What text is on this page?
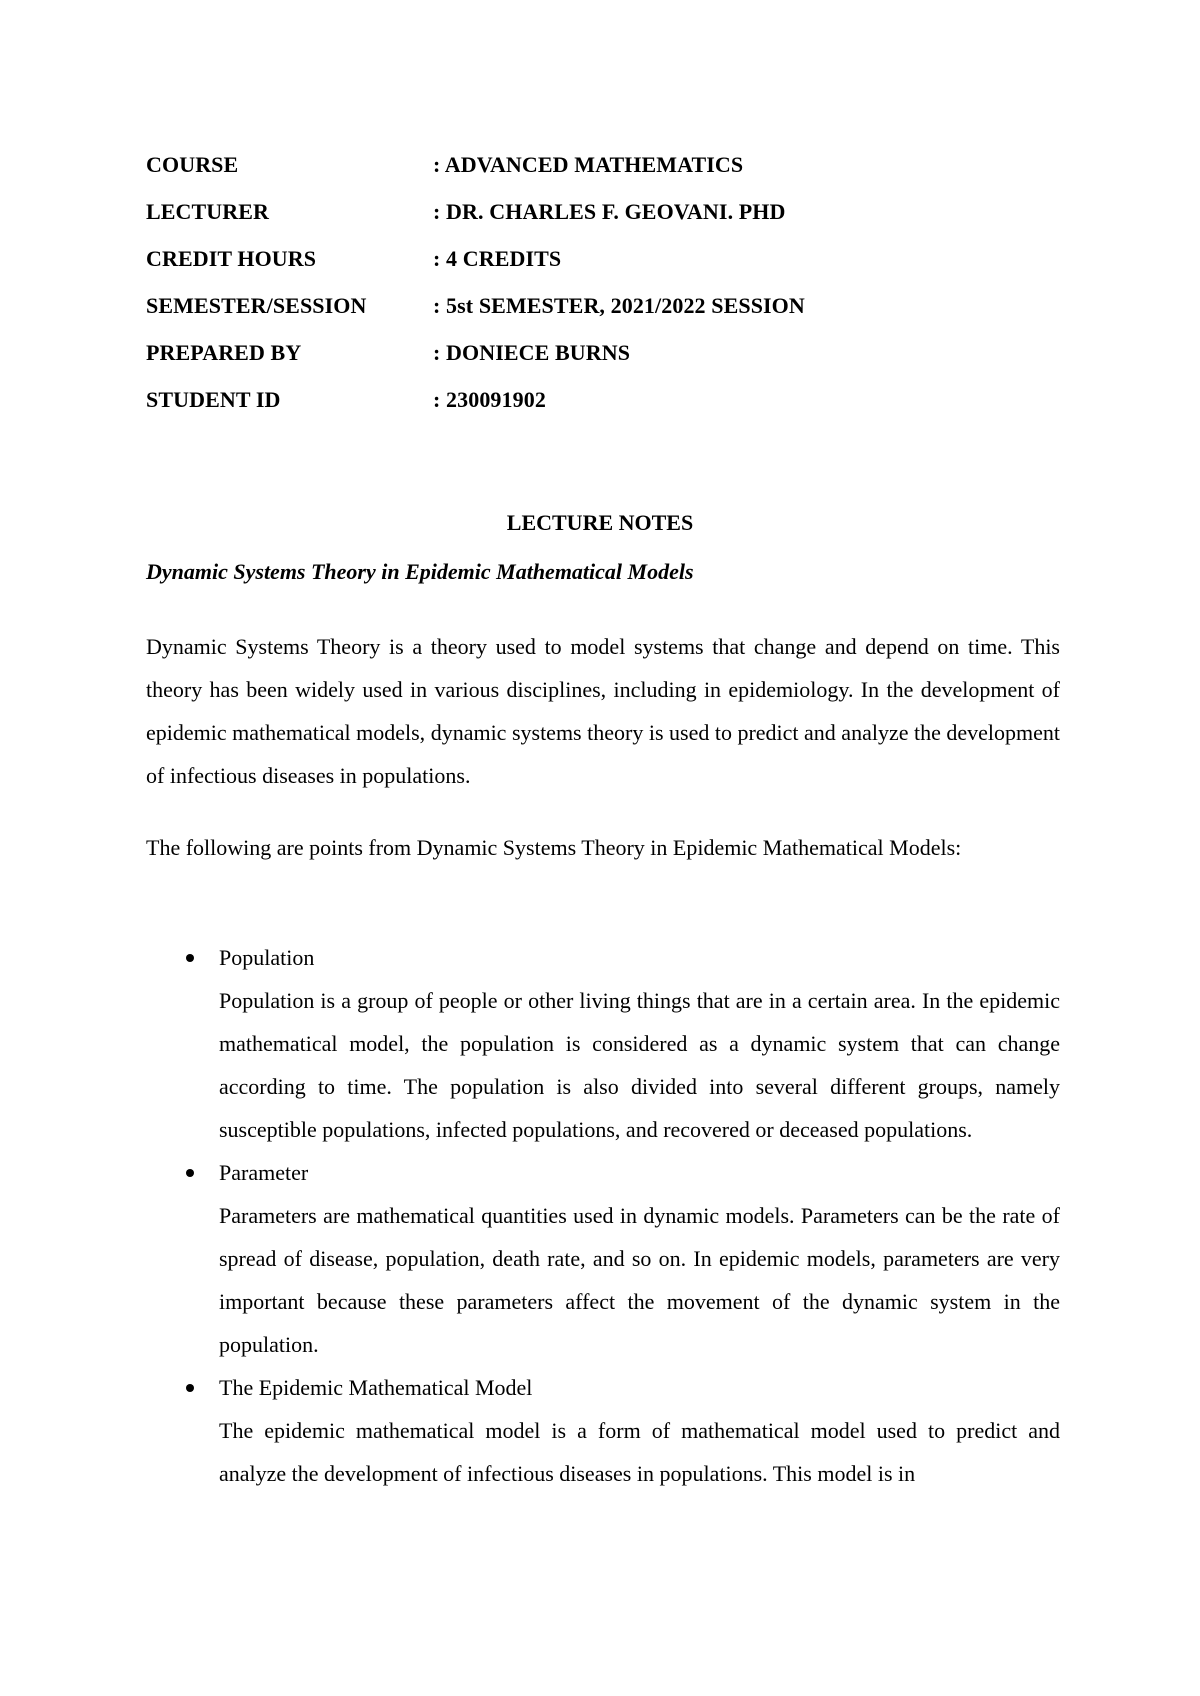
COURSE	: ADVANCED MATHEMATICS
LECTURER	: DR. CHARLES F. GEOVANI. PHD
CREDIT HOURS	: 4 CREDITS
SEMESTER/SESSION	: 5st SEMESTER, 2021/2022 SESSION
PREPARED BY	: DONIECE BURNS
STUDENT ID	: 230091902
LECTURE NOTES
Dynamic Systems Theory in Epidemic Mathematical Models

Dynamic Systems Theory is a theory used to model systems that change and depend on time. This theory has been widely used in various disciplines, including in epidemiology. In the development of epidemic mathematical models, dynamic systems theory is used to predict and analyze the development of infectious diseases in populations.

The following are points from Dynamic Systems Theory in Epidemic Mathematical Models:

Population
Population is a group of people or other living things that are in a certain area. In the epidemic mathematical model, the population is considered as a dynamic system that can change according to time. The population is also divided into several different groups, namely susceptible populations, infected populations, and recovered or deceased populations.
Parameter
Parameters are mathematical quantities used in dynamic models. Parameters can be the rate of spread of disease, population, death rate, and so on. In epidemic models, parameters are very important because these parameters affect the movement of the dynamic system in the population.
The Epidemic Mathematical Model
The epidemic mathematical model is a form of mathematical model used to predict and analyze the development of infectious diseases in populations. This model is in
